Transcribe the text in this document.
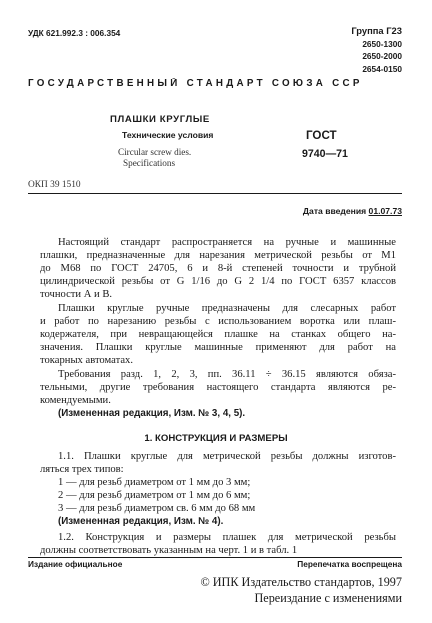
УДК 621.992.3 : 006.354	Группа Г23
2650-1300
2650-2000
2654-0150
ГОСУДАРСТВЕННЫЙ СТАНДАРТ СОЮЗА ССР
ПЛАШКИ КРУГЛЫЕ
Технические условия
Circular screw dies.
Specifications
ГОСТ
9740—71
ОКП 39 1510
Дата введения 01.07.73
Настоящий стандарт распространяется на ручные и машинные
плашки, предназначенные для нарезания метрической резьбы от M1
до M68 по ГОСТ 24705, 6 и 8-й степеней точности и трубной
цилиндрической резьбы от G 1/16 до G 2 1/4 по ГОСТ 6357 классов
точности А и В.
Плашки круглые ручные предназначены для слесарных работ
и работ по нарезанию резьбы с использованием воротка или плаш-
кодержателя, при невращающейся плашке на станках общего на-
значения. Плашки круглые машинные применяют для работ на
токарных автоматах.
Требования разд. 1, 2, 3, пп. 36.11 ÷ 36.15 являются обяза-
тельными, другие требования настоящего стандарта являются ре-
комендуемыми.
(Измененная редакция, Изм. № 3, 4, 5).
1. КОНСТРУКЦИЯ И РАЗМЕРЫ
1.1. Плашки круглые для метрической резьбы должны изготов-
ляться трех типов:
1 — для резьб диаметром от 1 мм до 3 мм;
2 — для резьб диаметром от 1 мм до 6 мм;
3 — для резьб диаметром св. 6 мм до 68 мм
(Измененная редакция, Изм. № 4).
1.2. Конструкция и размеры плашек для метрической резьбы
должны соответствовать указанным на черт. 1 и в табл. 1
Издание официальное	Перепечатка воспрещена
© ИПК Издательство стандартов, 1997
Переиздание с изменениями
